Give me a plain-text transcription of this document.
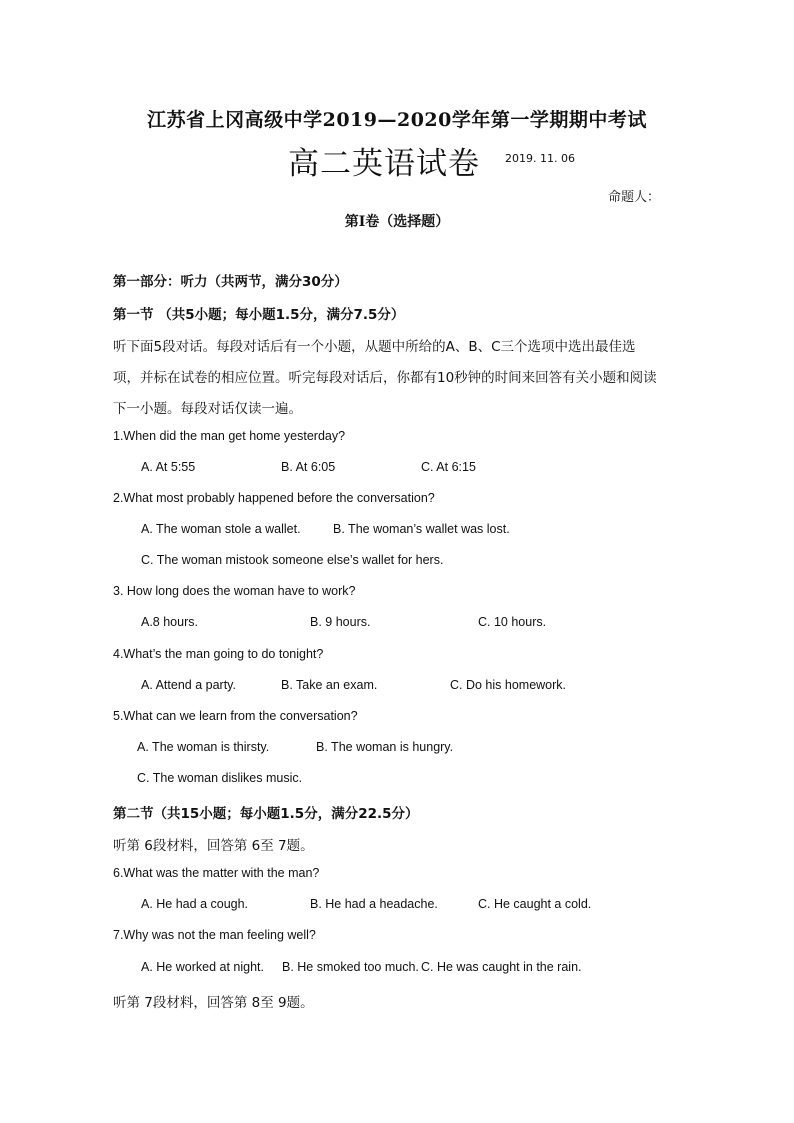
江苏省上冈高级中学2019—2020学年第一学期期中考试
高二英语试卷 2019. 11. 06
命题人：
第Ⅰ卷（选择题）
第一部分：听力（共两节，满分30分）
第一节 （共5小题；每小题1.5分，满分7.5分）
听下面5段对话。每段对话后有一个小题，从题中所给的A、B、C三个选项中选出最佳选
项，并标在试卷的相应位置。听完每段对话后，你都有10秒钟的时间来回答有关小题和阅读
下一小题。每段对话仅读一遍。
1.When did the man get home yesterday?
A. At 5:55	B. At 6:05	C. At 6:15
2.What most probably happened before the conversation?
A. The woman stole a wallet.	B. The woman’s wallet was lost.
C. The woman mistook someone else’s wallet for hers.
3. How long does the woman have to work?
A.8 hours.	B. 9 hours.	C. 10 hours.
4.What’s the man going to do tonight?
A. Attend a party.	B. Take an exam.	C. Do his homework.
5.What can we learn from the conversation?
A. The woman is thirsty.	B. The woman is hungry.
C. The woman dislikes music.
第二节（共15小题；每小题1.5分，满分22.5分）
听第 6段材料，回答第 6至 7题。
6.What was the matter with the man?
A. He had a cough.	B. He had a headache.	C. He caught a cold.
7.Why was not the man feeling well?
A. He worked at night. B. He smoked too much. C. He was caught in the rain.
听第 7段材料，回答第 8至 9题。
